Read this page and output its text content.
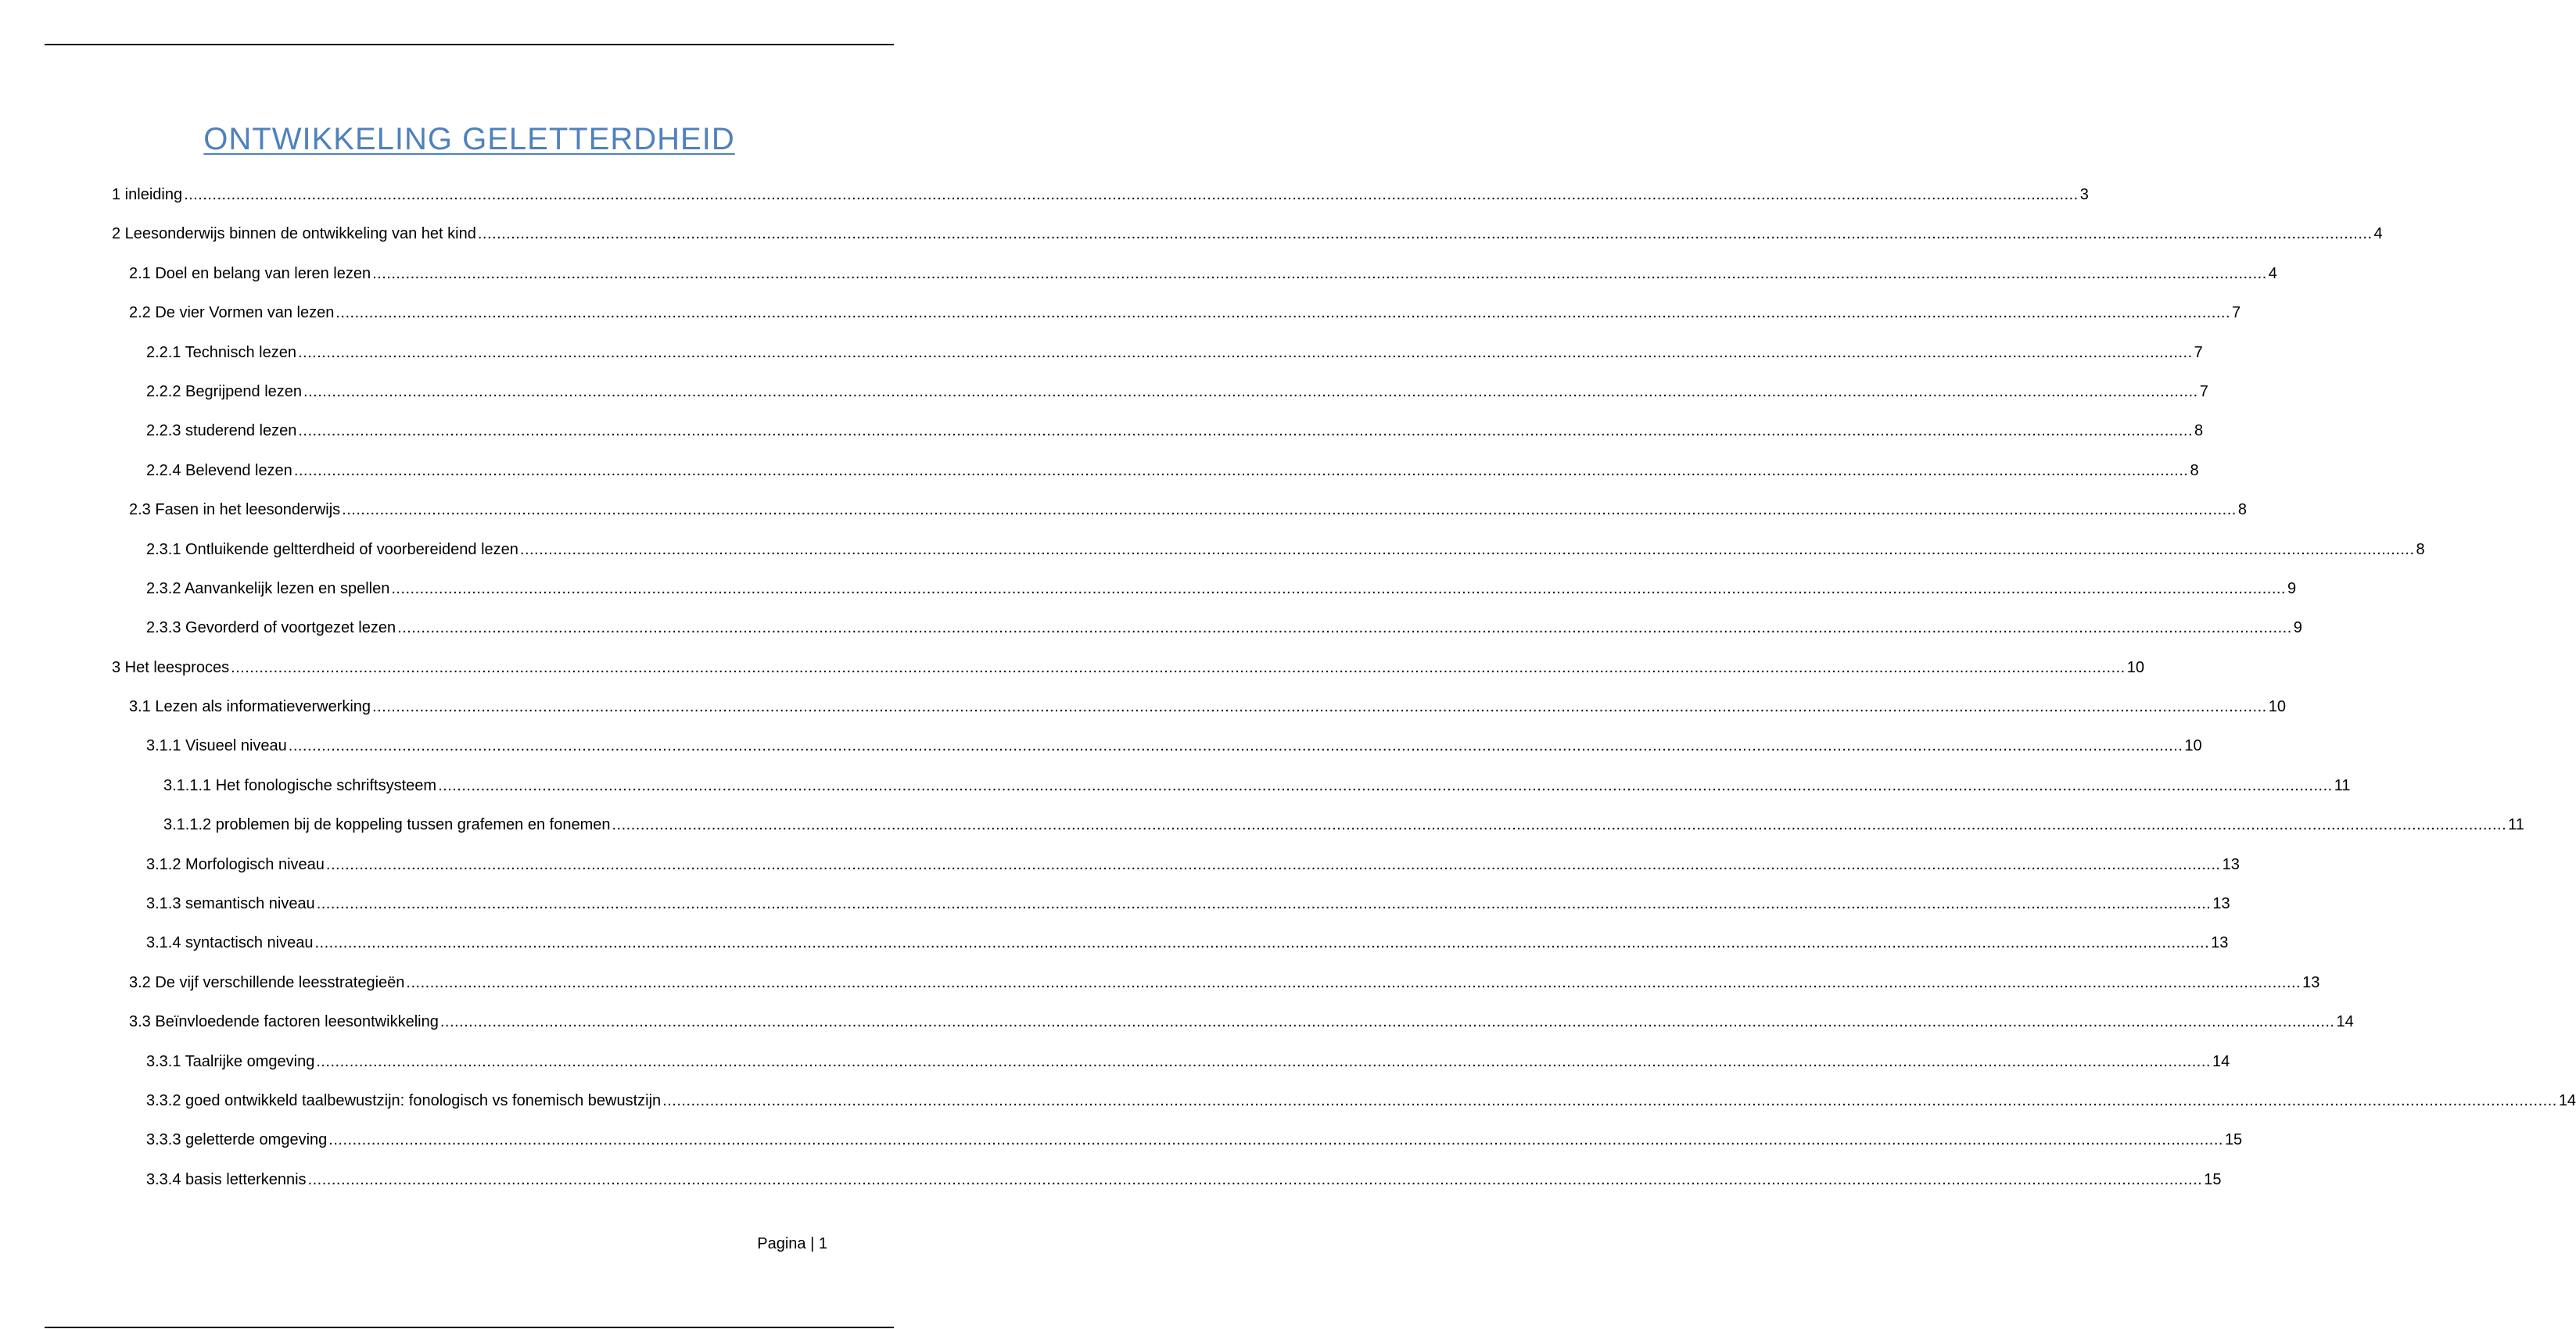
ONTWIKKELING GELETTERDHEID
1 inleiding ................................................................................................................................................................................................................................................................................................................................................................................................................ 3
2 Leesonderwijs binnen de ontwikkeling van het kind ................................................................................................................................................................................................................................................................................................................................................................................................................ 4
2.1 Doel en belang van leren lezen ................................................................................................................................................................................................................................................................................................................................................................................................................ 4
2.2 De vier Vormen van lezen ................................................................................................................................................................................................................................................................................................................................................................................................................ 7
2.2.1 Technisch lezen ................................................................................................................................................................................................................................................................................................................................................................................................................ 7
2.2.2 Begrijpend lezen ................................................................................................................................................................................................................................................................................................................................................................................................................ 7
2.2.3 studerend lezen ................................................................................................................................................................................................................................................................................................................................................................................................................ 8
2.2.4 Belevend lezen ................................................................................................................................................................................................................................................................................................................................................................................................................ 8
2.3 Fasen in het leesonderwijs ................................................................................................................................................................................................................................................................................................................................................................................................................ 8
2.3.1 Ontluikende geltterdheid of voorbereidend lezen ................................................................................................................................................................................................................................................................................................................................................................................................................ 8
2.3.2 Aanvankelijk lezen en spellen ................................................................................................................................................................................................................................................................................................................................................................................................................ 9
2.3.3 Gevorderd of voortgezet lezen ................................................................................................................................................................................................................................................................................................................................................................................................................ 9
3 Het leesproces ................................................................................................................................................................................................................................................................................................................................................................................................................ 10
3.1 Lezen als informatieverwerking ................................................................................................................................................................................................................................................................................................................................................................................................................ 10
3.1.1 Visueel niveau ................................................................................................................................................................................................................................................................................................................................................................................................................ 10
3.1.1.1 Het fonologische schriftsysteem ................................................................................................................................................................................................................................................................................................................................................................................................................ 11
3.1.1.2 problemen bij de koppeling tussen grafemen en fonemen ................................................................................................................................................................................................................................................................................................................................................................................................................ 11
3.1.2 Morfologisch niveau ................................................................................................................................................................................................................................................................................................................................................................................................................ 13
3.1.3 semantisch niveau ................................................................................................................................................................................................................................................................................................................................................................................................................ 13
3.1.4 syntactisch niveau ................................................................................................................................................................................................................................................................................................................................................................................................................ 13
3.2 De vijf verschillende leesstrategieën ................................................................................................................................................................................................................................................................................................................................................................................................................ 13
3.3 Beïnvloedende factoren leesontwikkeling ................................................................................................................................................................................................................................................................................................................................................................................................................ 14
3.3.1 Taalrijke omgeving ................................................................................................................................................................................................................................................................................................................................................................................................................ 14
3.3.2 goed ontwikkeld taalbewustzijn: fonologisch vs fonemisch bewustzijn ................................................................................................................................................................................................................................................................................................................................................................................................................ 14
3.3.3 geletterde omgeving ................................................................................................................................................................................................................................................................................................................................................................................................................ 15
3.3.4 basis letterkennis ................................................................................................................................................................................................................................................................................................................................................................................................................ 15
Pagina | 1
